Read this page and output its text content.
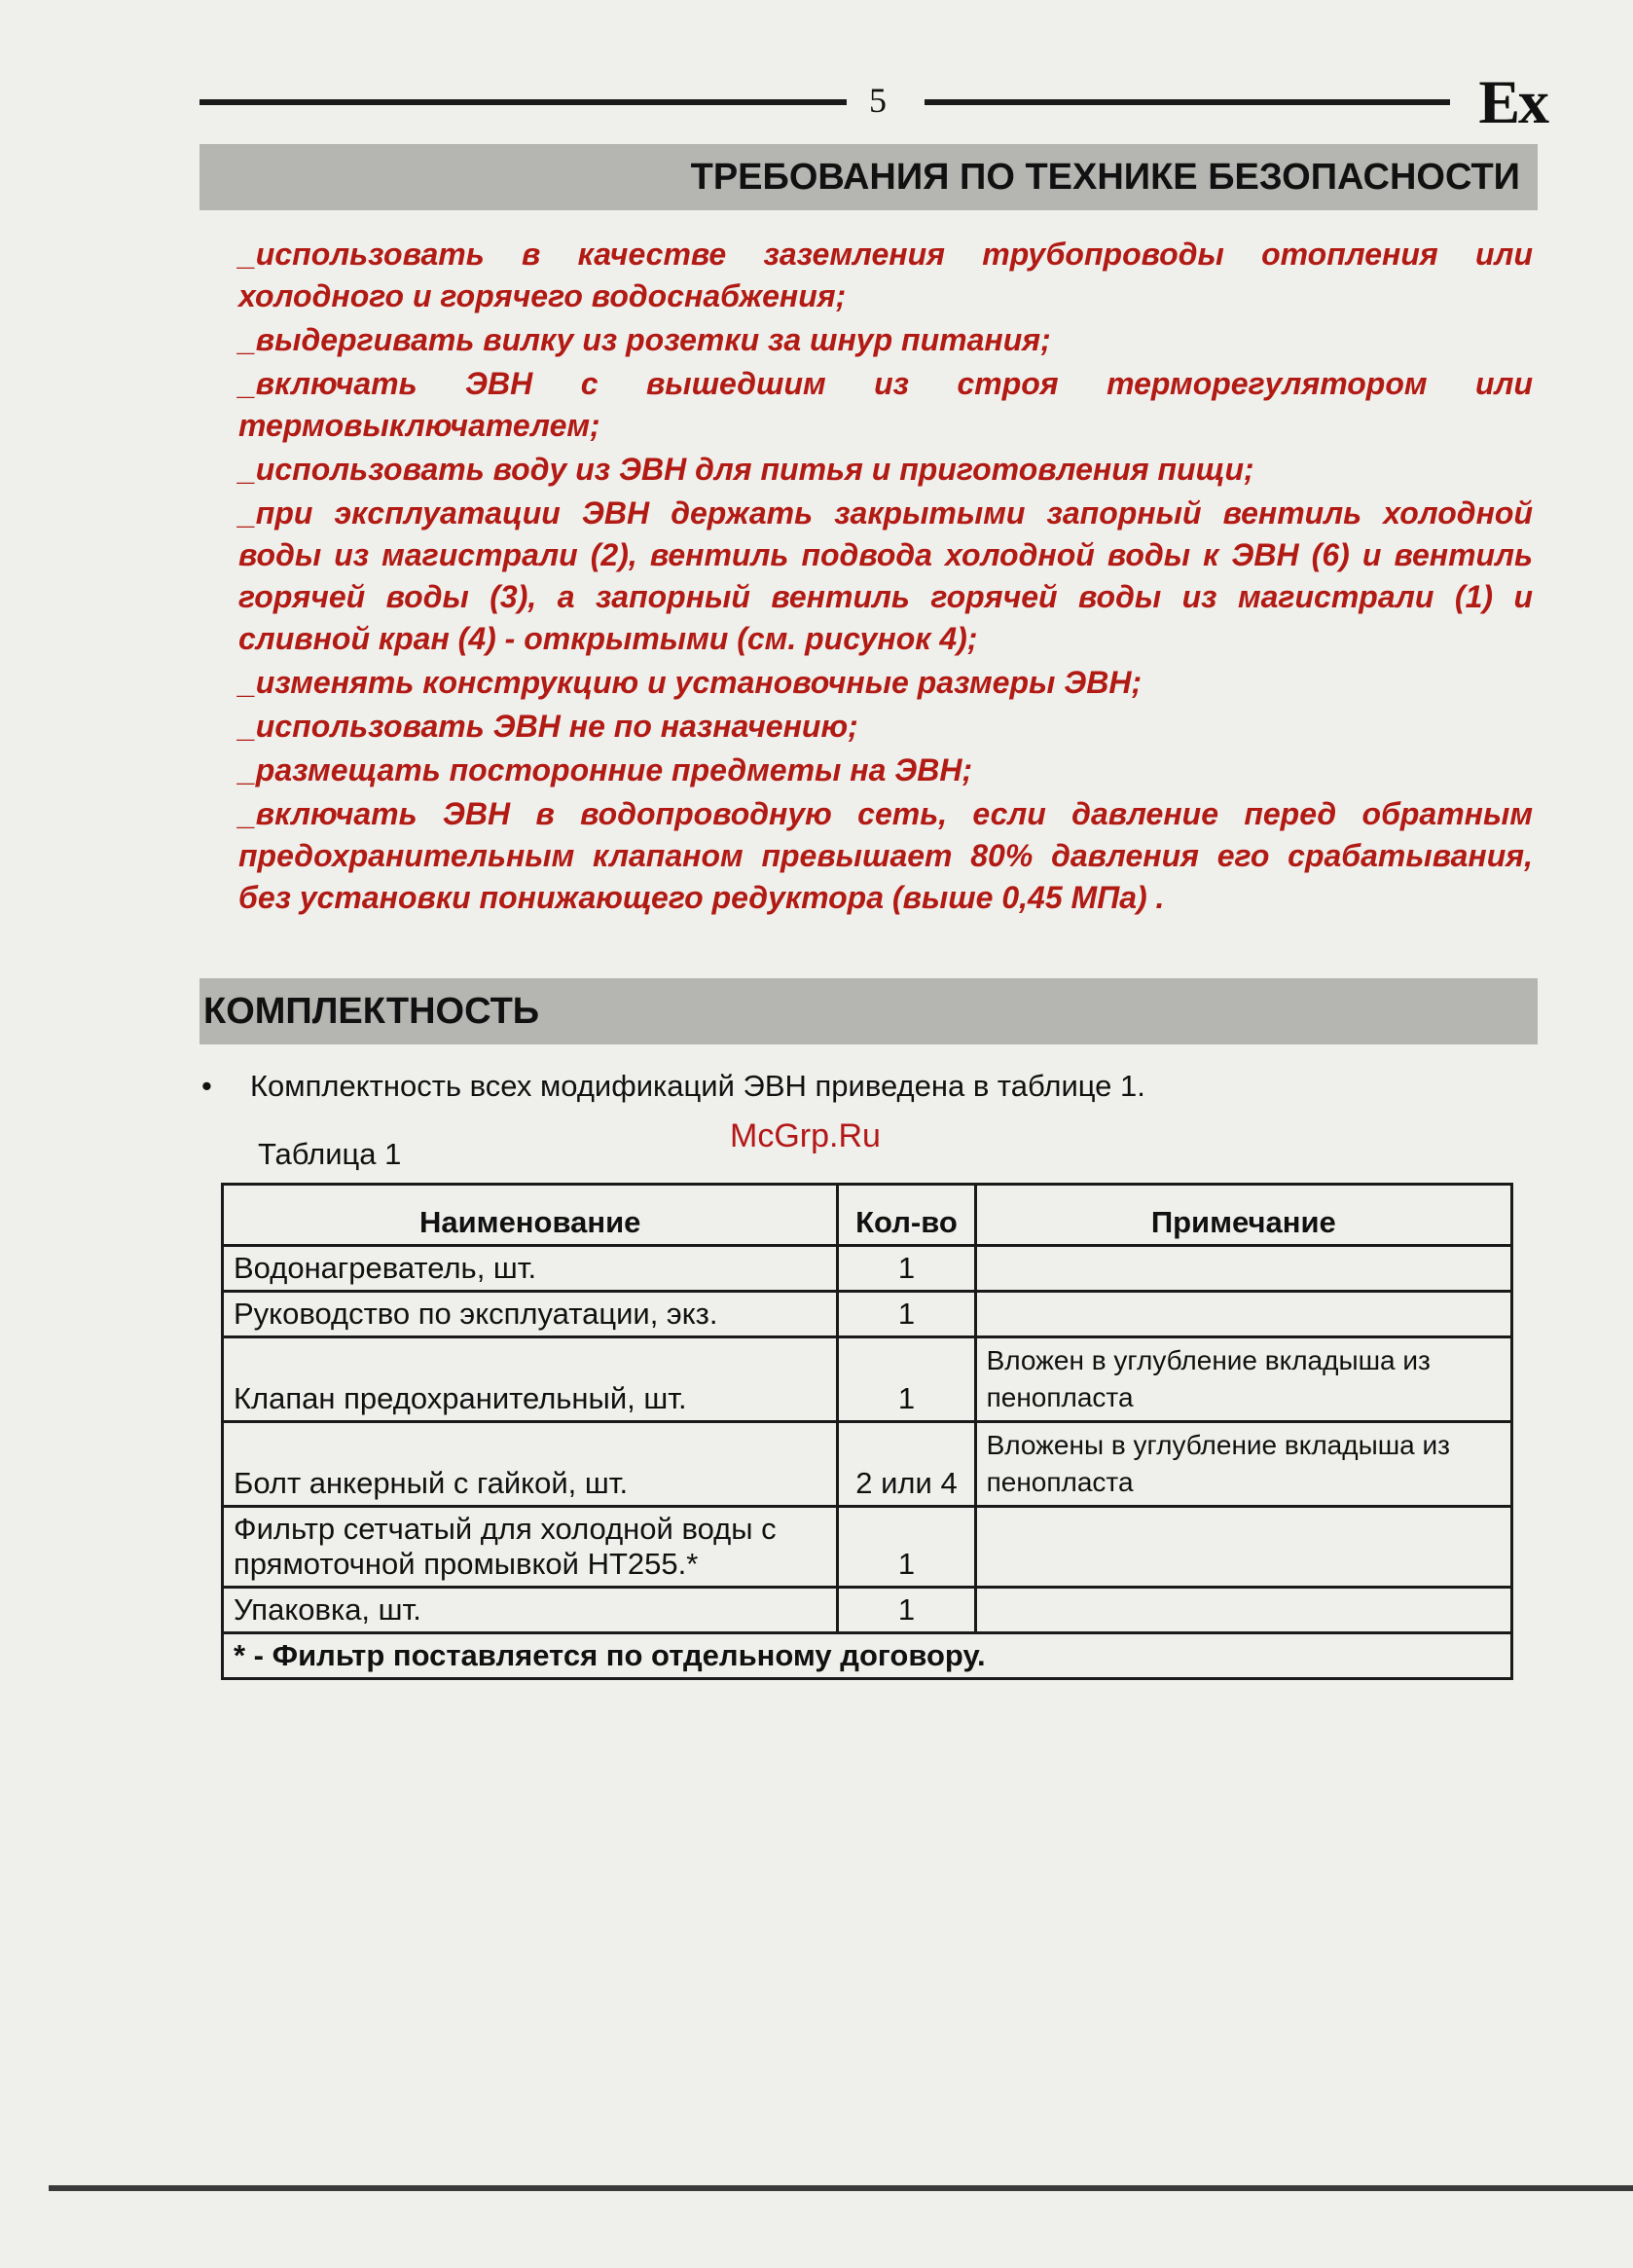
5	Ex
ТРЕБОВАНИЯ ПО ТЕХНИКЕ БЕЗОПАСНОСТИ
_использовать в качестве заземления трубопроводы отопления или холодного и горячего водоснабжения;
_выдергивать вилку из розетки за шнур питания;
_включать ЭВН с вышедшим из строя терморегулятором или термовыключателем;
_использовать воду из ЭВН для питья и приготовления пищи;
_при эксплуатации ЭВН держать закрытыми запорный вентиль холодной воды из магистрали (2), вентиль подвода холодной воды к ЭВН (6) и вентиль горячей воды (3), а запорный вентиль горячей воды из магистрали (1) и сливной кран (4) - открытыми (см. рисунок 4);
_изменять конструкцию и установочные размеры ЭВН;
_использовать ЭВН не по назначению;
_размещать посторонние предметы на ЭВН;
_включать ЭВН в водопроводную сеть, если давление перед обратным предохранительным клапаном превышает 80% давления его срабатывания, без установки понижающего редуктора (выше 0,45 МПа) .
КОМПЛЕКТНОСТЬ
• Комплектность всех модификаций ЭВН приведена в таблице 1.
Таблица 1	McGrp.Ru
Наименование	Кол-во	Примечание
Водонагреватель, шт.	1	
Руководство по эксплуатации, экз.	1	
Клапан предохранительный, шт.	1	Вложен в углубление вкладыша из пенопласта
Болт анкерный с гайкой, шт.	2 или 4	Вложены в углубление вкладыша из пенопласта
Фильтр сетчатый для холодной воды с прямоточной промывкой НТ255.*	1	
Упаковка, шт.	1	
* - Фильтр поставляется по отдельному договору.		
